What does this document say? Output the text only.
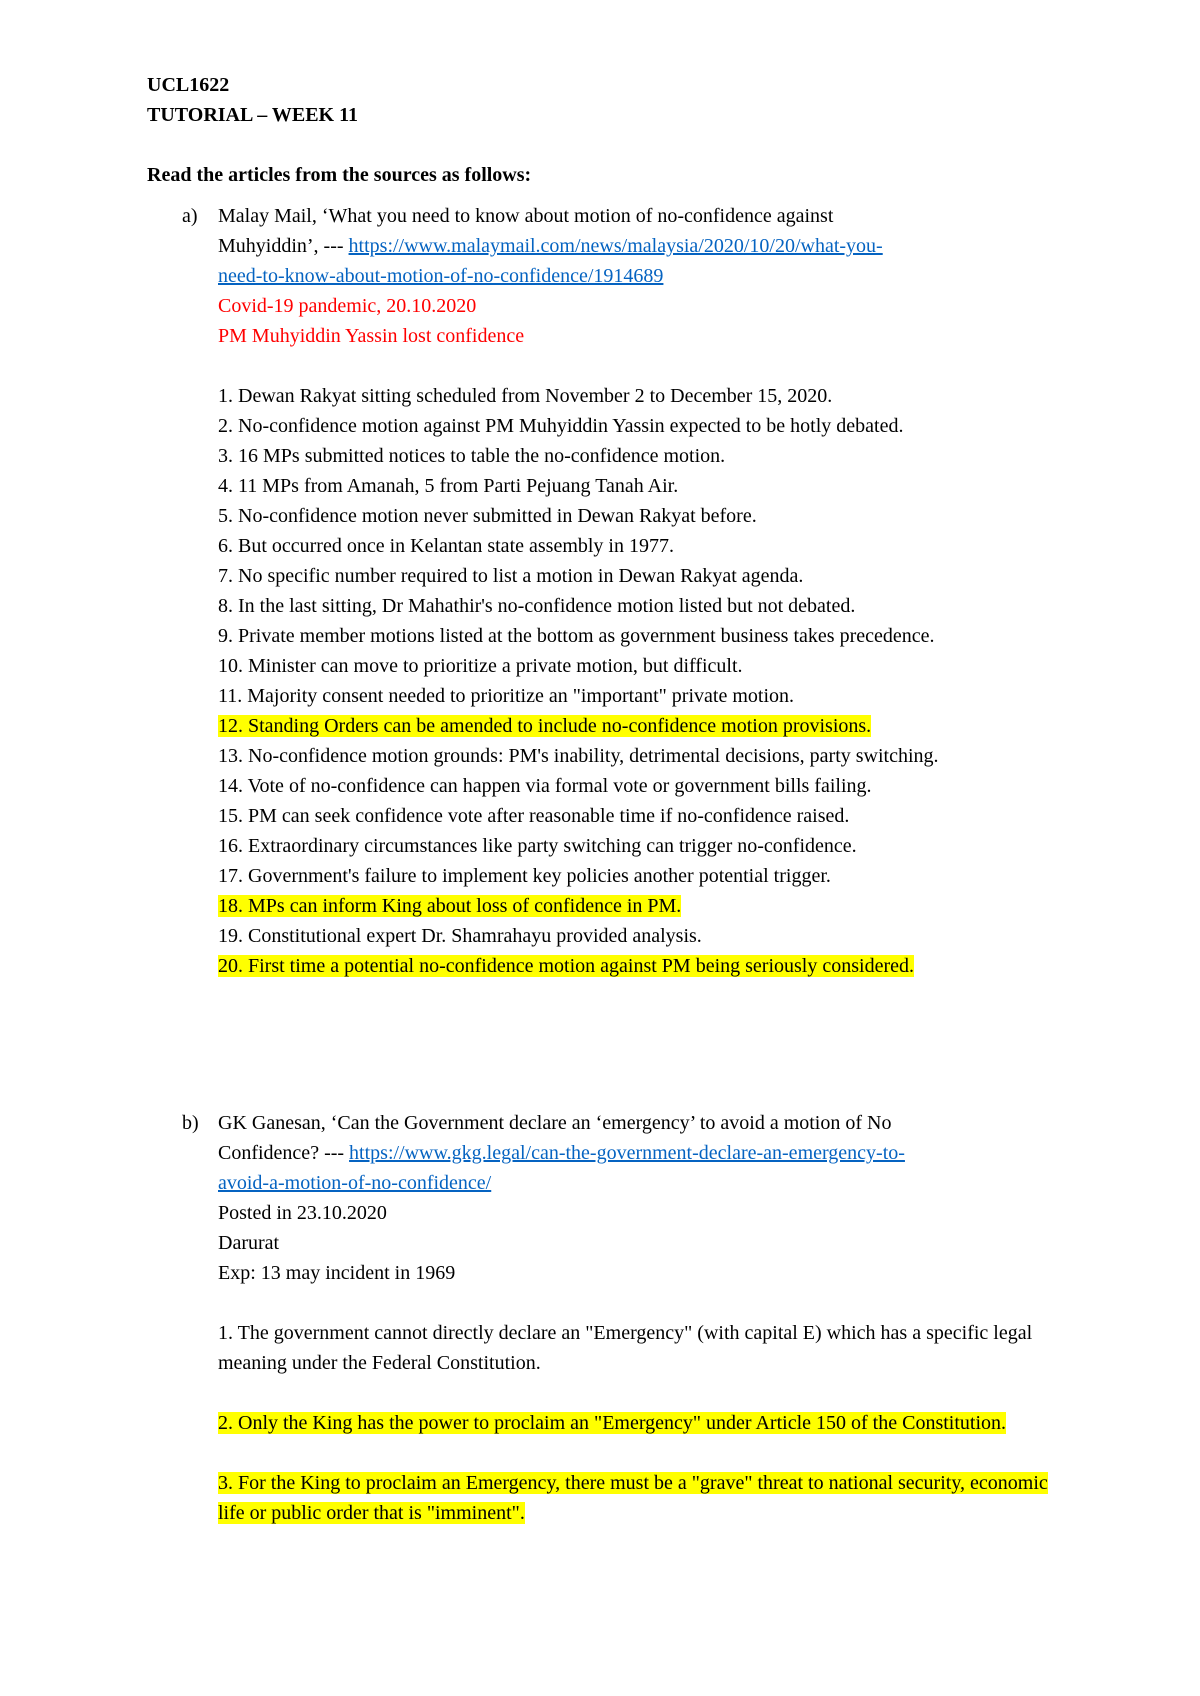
UCL1622

TUTORIAL – WEEK 11

Read the articles from the sources as follows:

a) Malay Mail, ‘What you need to know about motion of no-confidence against
Muhyiddin’, --- https://www.malaymail.com/news/malaysia/2020/10/20/what-you-
need-to-know-about-motion-of-no-confidence/1914689
Covid-19 pandemic, 20.10.2020
PM Muhyiddin Yassin lost confidence
1. Dewan Rakyat sitting scheduled from November 2 to December 15, 2020.
2. No-confidence motion against PM Muhyiddin Yassin expected to be hotly debated.
3. 16 MPs submitted notices to table the no-confidence motion.
4. 11 MPs from Amanah, 5 from Parti Pejuang Tanah Air.
5. No-confidence motion never submitted in Dewan Rakyat before.
6. But occurred once in Kelantan state assembly in 1977.
7. No specific number required to list a motion in Dewan Rakyat agenda.
8. In the last sitting, Dr Mahathir's no-confidence motion listed but not debated.
9. Private member motions listed at the bottom as government business takes precedence.
10. Minister can move to prioritize a private motion, but difficult.
11. Majority consent needed to prioritize an "important" private motion.
12. Standing Orders can be amended to include no-confidence motion provisions.
13. No-confidence motion grounds: PM's inability, detrimental decisions, party switching.
14. Vote of no-confidence can happen via formal vote or government bills failing.
15. PM can seek confidence vote after reasonable time if no-confidence raised.
16. Extraordinary circumstances like party switching can trigger no-confidence.
17. Government's failure to implement key policies another potential trigger.
18. MPs can inform King about loss of confidence in PM.
19. Constitutional expert Dr. Shamrahayu provided analysis.
20. First time a potential no-confidence motion against PM being seriously considered.
b) GK Ganesan, ‘Can the Government declare an ‘emergency’ to avoid a motion of No
Confidence? --- https://www.gkg.legal/can-the-government-declare-an-emergency-to-
avoid-a-motion-of-no-confidence/
Posted in 23.10.2020
Darurat
Exp: 13 may incident in 1969
1. The government cannot directly declare an "Emergency" (with capital E) which has a specific legal meaning under the Federal Constitution.
2. Only the King has the power to proclaim an "Emergency" under Article 150 of the Constitution.
3. For the King to proclaim an Emergency, there must be a "grave" threat to national security, economic life or public order that is "imminent".
